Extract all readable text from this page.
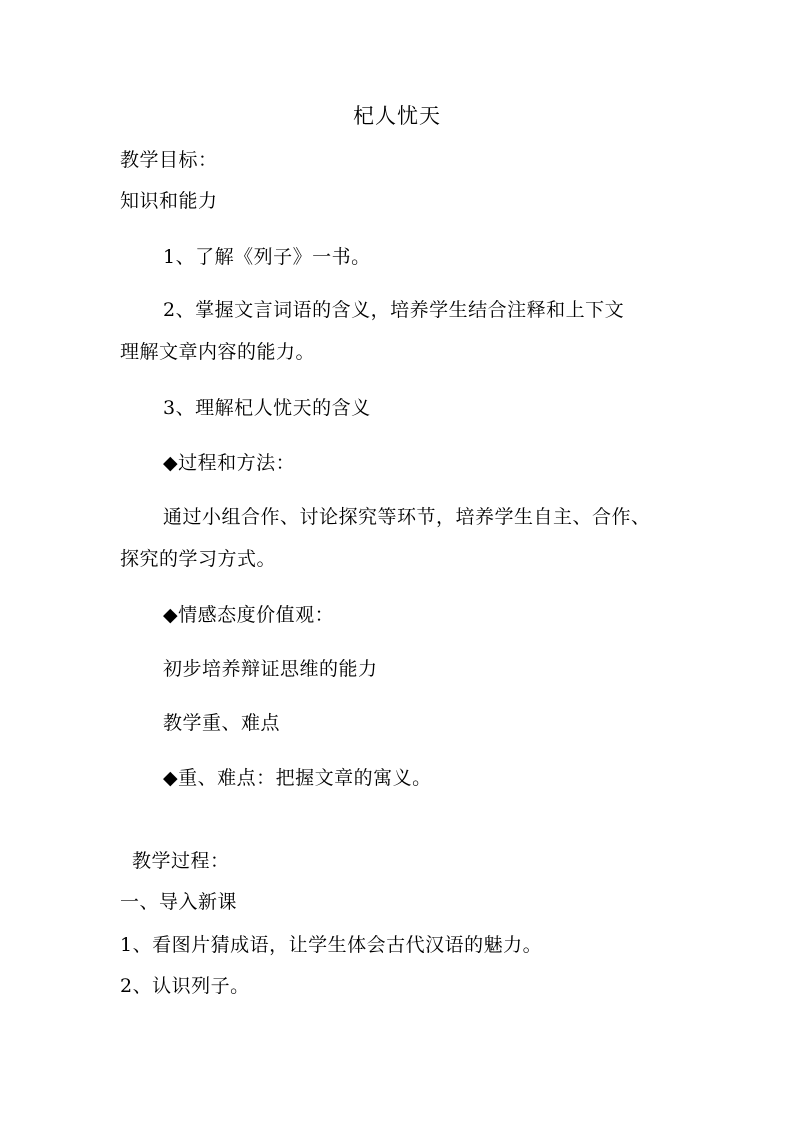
杞人忧天
教学目标：
知识和能力
1、了解《列子》一书。
2、掌握文言词语的含义，培养学生结合注释和上下文
理解文章内容的能力。
3、理解杞人忧天的含义
◆过程和方法：
通过小组合作、讨论探究等环节，培养学生自主、合作、
探究的学习方式。
◆情感态度价值观：
初步培养辩证思维的能力
教学重、难点
◆重、难点：把握文章的寓义。
教学过程：
一、导入新课
1、看图片猜成语，让学生体会古代汉语的魅力。
2、认识列子。
